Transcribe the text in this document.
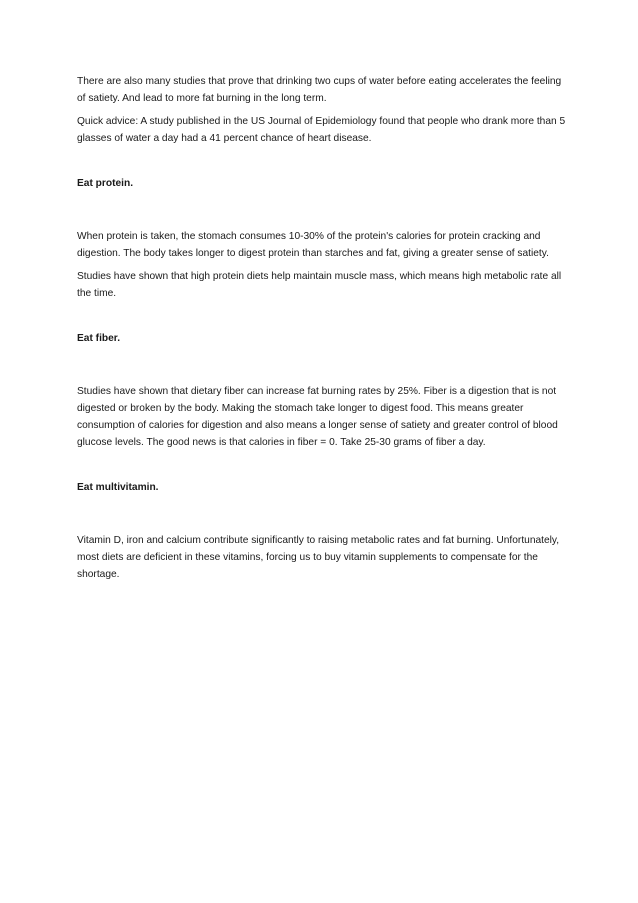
There are also many studies that prove that drinking two cups of water before eating accelerates the feeling of satiety. And lead to more fat burning in the long term.

Quick advice: A study published in the US Journal of Epidemiology found that people who drank more than 5 glasses of water a day had a 41 percent chance of heart disease.

Eat protein.

When protein is taken, the stomach consumes 10-30% of the protein's calories for protein cracking and digestion. The body takes longer to digest protein than starches and fat, giving a greater sense of satiety.

Studies have shown that high protein diets help maintain muscle mass, which means high metabolic rate all the time.

Eat fiber.

Studies have shown that dietary fiber can increase fat burning rates by 25%. Fiber is a digestion that is not digested or broken by the body. Making the stomach take longer to digest food. This means greater consumption of calories for digestion and also means a longer sense of satiety and greater control of blood glucose levels. The good news is that calories in fiber = 0. Take 25-30 grams of fiber a day.

Eat multivitamin.

Vitamin D, iron and calcium contribute significantly to raising metabolic rates and fat burning. Unfortunately, most diets are deficient in these vitamins, forcing us to buy vitamin supplements to compensate for the shortage.
